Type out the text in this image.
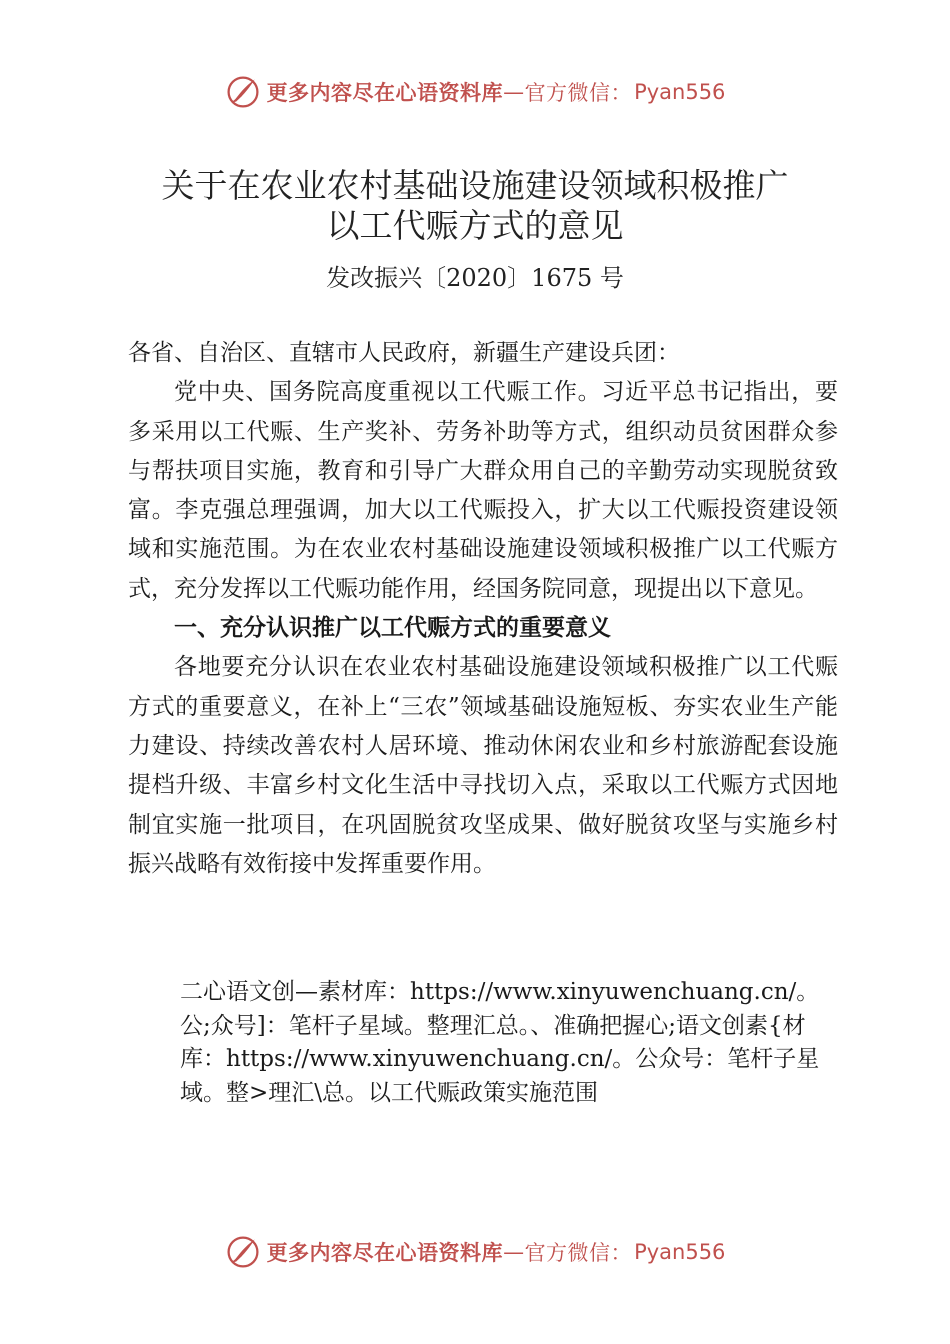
更多内容尽在心语资料库 — 官方微信： Pyan556
关于在农业农村基础设施建设领域积极推广
以工代赈方式的意见
发改振兴〔2020〕1675 号

各省、自治区、直辖市人民政府，新疆生产建设兵团：

党中央、国务院高度重视以工代赈工作。习近平总书记指出，要多采用以工代赈、生产奖补、劳务补助等方式，组织动员贫困群众参与帮扶项目实施，教育和引导广大群众用自己的辛勤劳动实现脱贫致富。李克强总理强调，加大以工代赈投入，扩大以工代赈投资建设领域和实施范围。为在农业农村基础设施建设领域积极推广以工代赈方式，充分发挥以工代赈功能作用，经国务院同意，现提出以下意见。

一、充分认识推广以工代赈方式的重要意义

各地要充分认识在农业农村基础设施建设领域积极推广以工代赈方式的重要意义，在补上“三农”领域基础设施短板、夯实农业生产能力建设、持续改善农村人居环境、推动休闲农业和乡村旅游配套设施提档升级、丰富乡村文化生活中寻找切入点，采取以工代赈方式因地制宜实施一批项目，在巩固脱贫攻坚成果、做好脱贫攻坚与实施乡村振兴战略有效衔接中发挥重要作用。

二心语文创—素材库：https://www.xinyuwenchuang.cn/。公;众号]：笔杆子星域。整理汇总。、准确把握心;语文创素{材库：https://www.xinyuwenchuang.cn/。公众号：笔杆子星域。整>理汇\总。以工代赈政策实施范围
更多内容尽在心语资料库 — 官方微信： Pyan556
